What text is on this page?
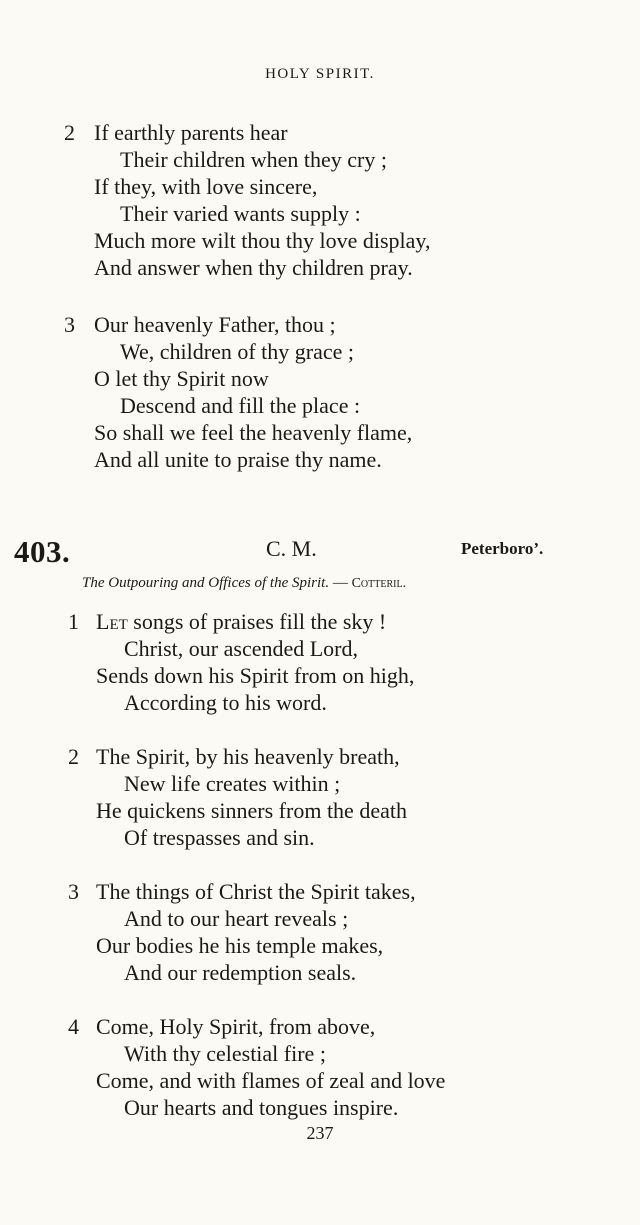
HOLY SPIRIT.
2 If earthly parents hear
Their children when they cry ;
If they, with love sincere,
Their varied wants supply :
Much more wilt thou thy love display,
And answer when thy children pray.
3 Our heavenly Father, thou ;
We, children of thy grace ;
O let thy Spirit now
Descend and fill the place :
So shall we feel the heavenly flame,
And all unite to praise thy name.
403.	C. M.	Peterboro’.
The Outpouring and Offices of the Spirit. — Cotteril.
1 Let songs of praises fill the sky !
Christ, our ascended Lord,
Sends down his Spirit from on high,
According to his word.
2 The Spirit, by his heavenly breath,
New life creates within ;
He quickens sinners from the death
Of trespasses and sin.
3 The things of Christ the Spirit takes,
And to our heart reveals ;
Our bodies he his temple makes,
And our redemption seals.
4 Come, Holy Spirit, from above,
With thy celestial fire ;
Come, and with flames of zeal and love
Our hearts and tongues inspire.
237
